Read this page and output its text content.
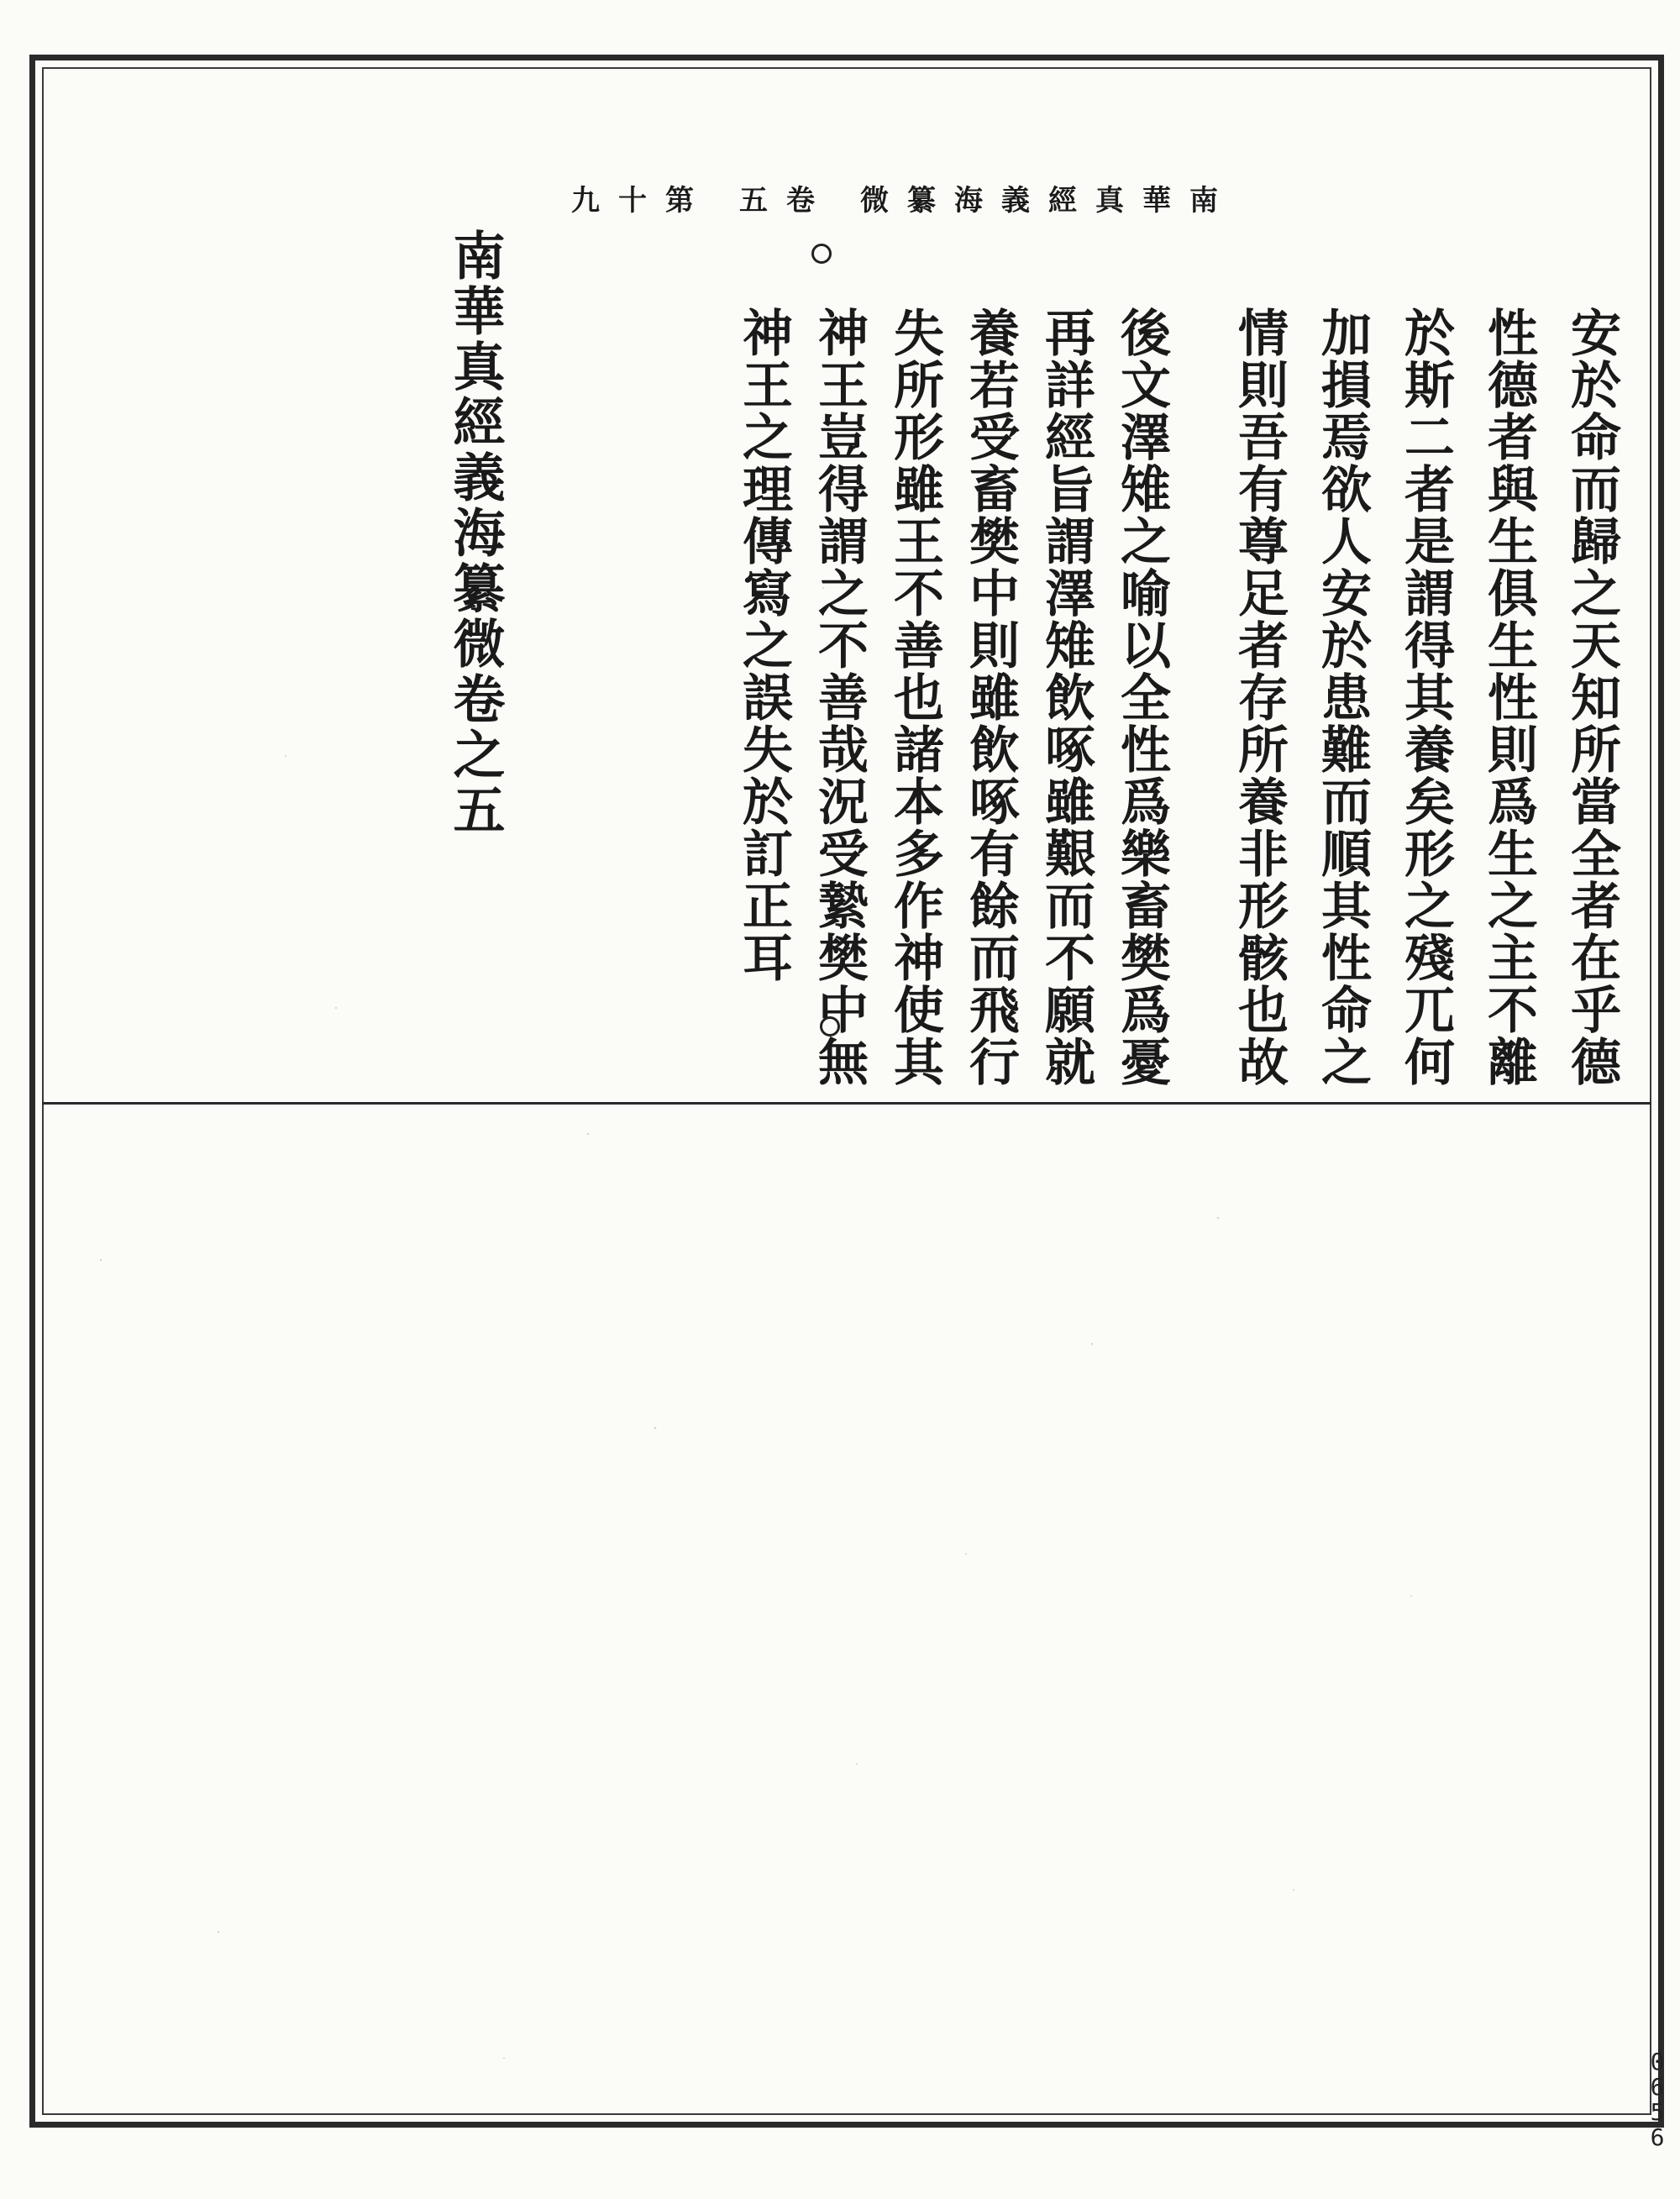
南
華
真
經
義
海
纂
微
卷
五
第
十
九
安於命而歸之天知所當全者在乎德
性德者與生俱生性則爲生之主不離
於斯二者是謂得其養矣形之殘兀何
加損焉欲人安於患難而順其性命之
情則吾有尊足者存所養非形骸也故
後文澤雉之喻以全性爲樂畜樊爲憂
再詳經旨謂澤雉飲啄雖艱而不願就
養若受畜樊中則雖飲啄有餘而飛行
失所形雖王不善也諸本多作神使其
神王豈得謂之不善哉況受縶樊中無
神王之理傳寫之誤失於訂正耳
南華真經義海纂微卷之五
0
6
5
6
